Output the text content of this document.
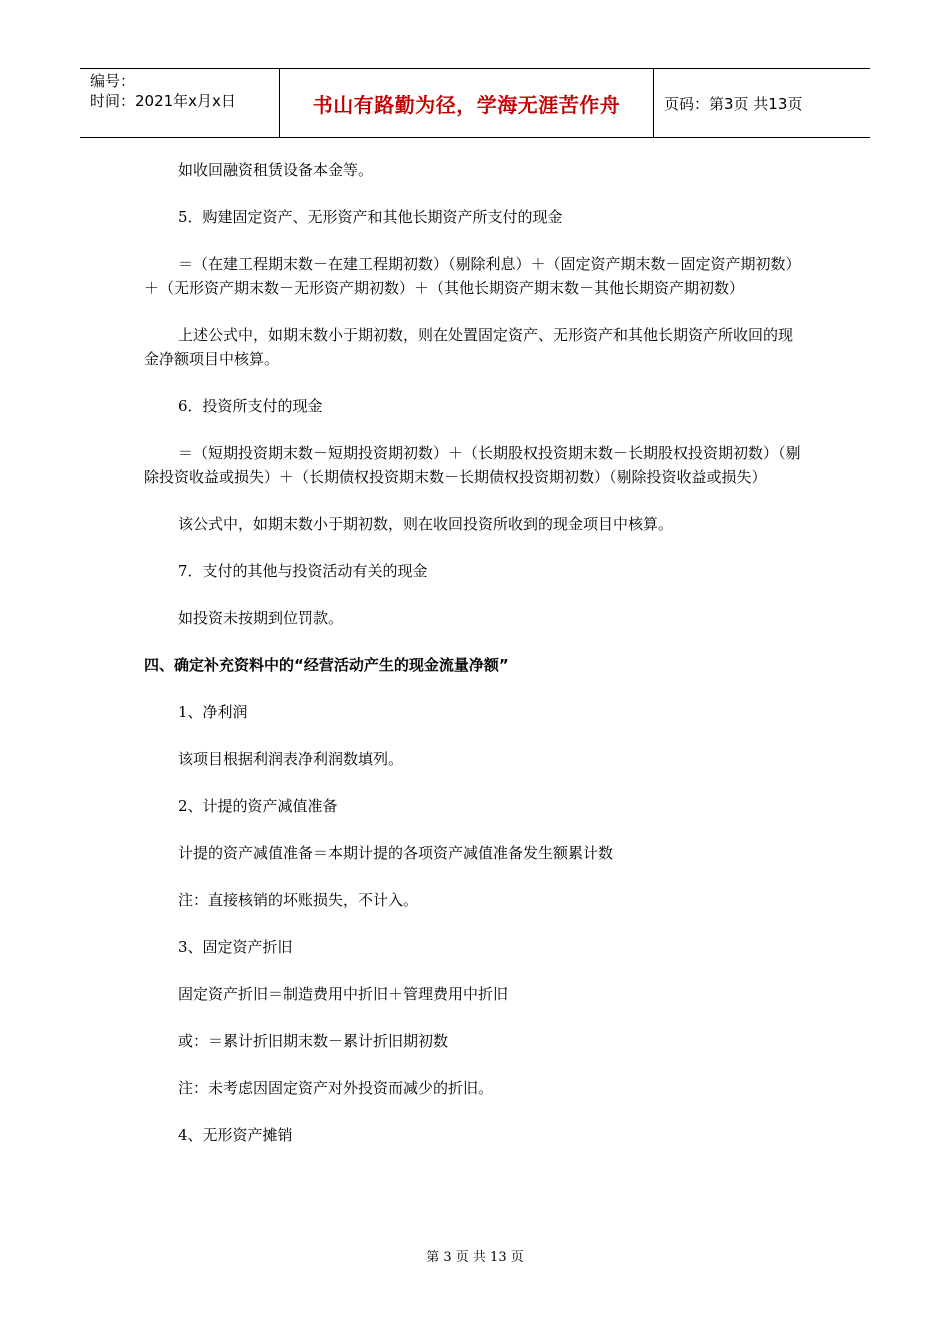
编号：
时间：2021年x月x日	书山有路勤为径，学海无涯苦作舟	页码：第3页 共13页

如收回融资租赁设备本金等。

5．购建固定资产、无形资产和其他长期资产所支付的现金

＝（在建工程期末数－在建工程期初数）（剔除利息）＋（固定资产期末数－固定资产期初数）＋（无形资产期末数－无形资产期初数）＋（其他长期资产期末数－其他长期资产期初数）

上述公式中，如期末数小于期初数，则在处置固定资产、无形资产和其他长期资产所收回的现金净额项目中核算。

6．投资所支付的现金

＝（短期投资期末数－短期投资期初数）＋（长期股权投资期末数－长期股权投资期初数）（剔除投资收益或损失）＋（长期债权投资期末数－长期债权投资期初数）（剔除投资收益或损失）

该公式中，如期末数小于期初数，则在收回投资所收到的现金项目中核算。

7．支付的其他与投资活动有关的现金

如投资未按期到位罚款。

四、确定补充资料中的“经营活动产生的现金流量净额”

1、净利润

该项目根据利润表净利润数填列。

2、计提的资产减值准备

计提的资产减值准备＝本期计提的各项资产减值准备发生额累计数

注：直接核销的坏账损失，不计入。

3、固定资产折旧

固定资产折旧＝制造费用中折旧＋管理费用中折旧

或：＝累计折旧期末数－累计折旧期初数

注：未考虑因固定资产对外投资而减少的折旧。

4、无形资产摊销

第 3 页 共 13 页
